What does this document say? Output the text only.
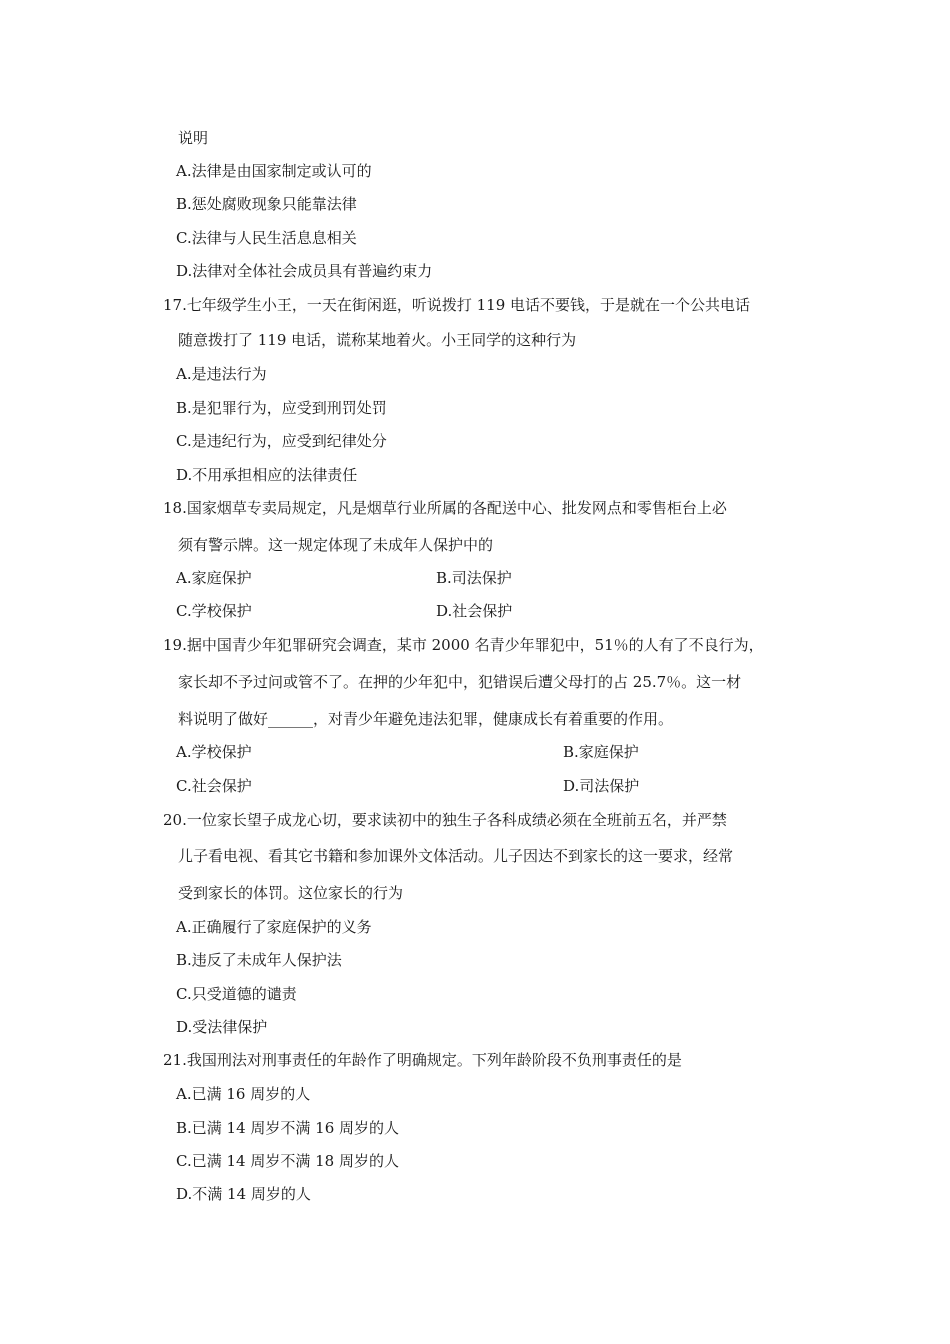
说明
A.法律是由国家制定或认可的
B.惩处腐败现象只能靠法律
C.法律与人民生活息息相关
D.法律对全体社会成员具有普遍约束力
17.七年级学生小王，一天在街闲逛，听说拨打 119 电话不要钱，于是就在一个公共电话
随意拨打了 119 电话，谎称某地着火。小王同学的这种行为
A.是违法行为
B.是犯罪行为，应受到刑罚处罚
C.是违纪行为，应受到纪律处分
D.不用承担相应的法律责任
18.国家烟草专卖局规定，凡是烟草行业所属的各配送中心、批发网点和零售柜台上必
须有警示牌。这一规定体现了未成年人保护中的
A.家庭保护	B.司法保护
C.学校保护	D.社会保护
19.据中国青少年犯罪研究会调查，某市 2000 名青少年罪犯中，51％的人有了不良行为，
家长却不予过问或管不了。在押的少年犯中，犯错误后遭父母打的占 25.7％。这一材
料说明了做好______，对青少年避免违法犯罪，健康成长有着重要的作用。
A.学校保护	B.家庭保护
C.社会保护	D.司法保护
20.一位家长望子成龙心切，要求读初中的独生子各科成绩必须在全班前五名，并严禁
儿子看电视、看其它书籍和参加课外文体活动。儿子因达不到家长的这一要求，经常
受到家长的体罚。这位家长的行为
A.正确履行了家庭保护的义务
B.违反了未成年人保护法
C.只受道德的谴责
D.受法律保护
21.我国刑法对刑事责任的年龄作了明确规定。下列年龄阶段不负刑事责任的是
A.已满 16 周岁的人
B.已满 14 周岁不满 16 周岁的人
C.已满 14 周岁不满 18 周岁的人
D.不满 14 周岁的人
